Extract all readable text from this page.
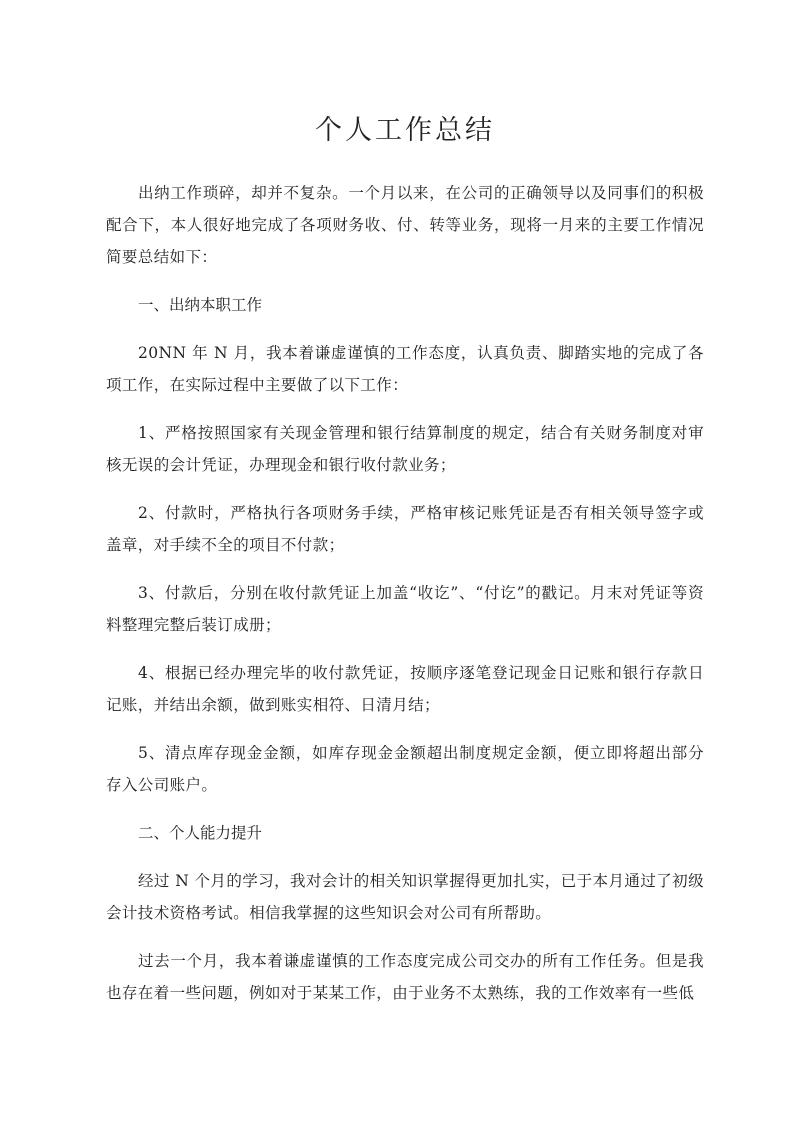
个人工作总结

出纳工作琐碎，却并不复杂。一个月以来，在公司的正确领导以及同事们的积极配合下，本人很好地完成了各项财务收、付、转等业务，现将一月来的主要工作情况简要总结如下：

一、出纳本职工作

20NN 年 N 月，我本着谦虚谨慎的工作态度，认真负责、脚踏实地的完成了各项工作，在实际过程中主要做了以下工作：

1、严格按照国家有关现金管理和银行结算制度的规定，结合有关财务制度对审核无误的会计凭证，办理现金和银行收付款业务；

2、付款时，严格执行各项财务手续，严格审核记账凭证是否有相关领导签字或盖章，对手续不全的项目不付款；

3、付款后，分别在收付款凭证上加盖“收讫”、“付讫”的戳记。月末对凭证等资料整理完整后装订成册；

4、根据已经办理完毕的收付款凭证，按顺序逐笔登记现金日记账和银行存款日记账，并结出余额，做到账实相符、日清月结；

5、清点库存现金金额，如库存现金金额超出制度规定金额，便立即将超出部分存入公司账户。

二、个人能力提升

经过 N 个月的学习，我对会计的相关知识掌握得更加扎实，已于本月通过了初级会计技术资格考试。相信我掌握的这些知识会对公司有所帮助。

过去一个月，我本着谦虚谨慎的工作态度完成公司交办的所有工作任务。但是我也存在着一些问题，例如对于某某工作，由于业务不太熟练，我的工作效率有一些低
